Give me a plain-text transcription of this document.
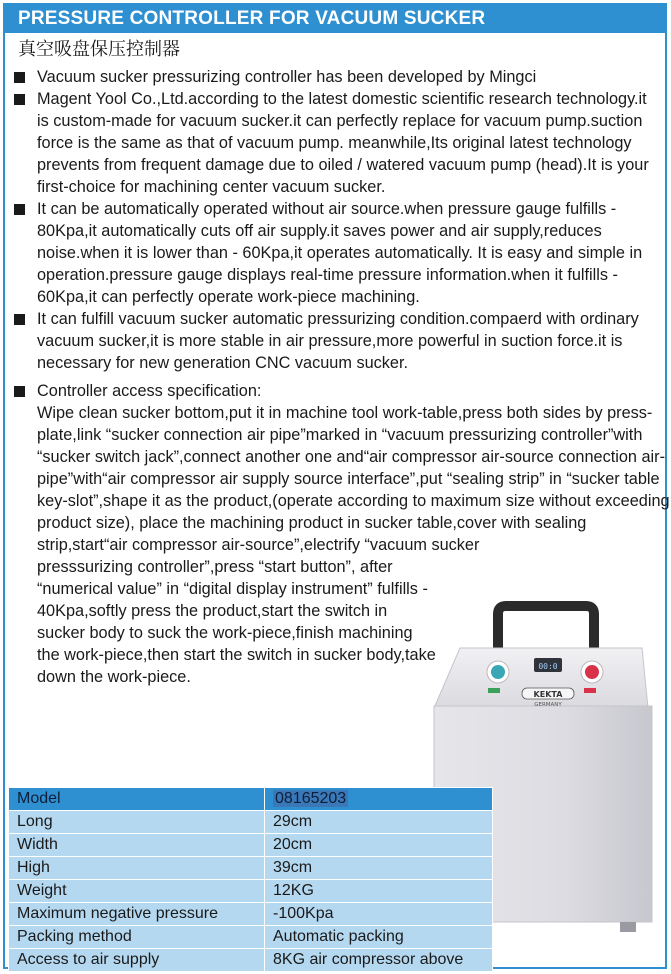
PRESSURE CONTROLLER FOR VACUUM SUCKER
真空吸盘保压控制器
Vacuum sucker pressurizing controller has been developed by Mingci
Magent Yool Co.,Ltd.according to the latest domestic scientific research technology.it is custom-made for vacuum sucker.it can perfectly replace for vacuum pump.suction force is the same as that of vacuum pump. meanwhile,Its original latest technology prevents from frequent damage due to oiled / watered vacuum pump (head).It is your first-choice for machining center vacuum sucker.
It can be automatically operated without air source.when pressure gauge fulfills - 80Kpa,it automatically cuts off air supply.it saves power and air supply,reduces noise.when it is lower than - 60Kpa,it operates automatically. It is easy and simple in operation.pressure gauge displays real-time pressure information.when it fulfills - 60Kpa,it can perfectly operate work-piece machining.
It can fulfill vacuum sucker automatic pressurizing condition.compaerd with ordinary vacuum sucker,it is more stable in air pressure,more powerful in suction force.it is necessary for new generation CNC vacuum sucker.
Controller access specification:
Wipe clean sucker bottom,put it in machine tool work-table,press both sides by press-plate,link “sucker connection air pipe”marked in “vacuum pressurizing controller”with “sucker switch jack”,connect another one and“air compressor air-source connection air-pipe”with“air compressor air supply source interface”,put “sealing strip” in “sucker table key-slot”,shape it as the product,(operate according to maximum size without exceeding product size), place the machining product in sucker table,cover with sealing strip,start“air compressor air-source”,electrify “vacuum sucker
presssurizing controller”,press “start button”, after “numerical value” in “digital display instrument” fulfills - 40Kpa,softly press the product,start the switch in sucker body to suck the work-piece,finish machining the work-piece,then start the switch in sucker body,take down the work-piece.
00:0
KEKTA
GERMANY
Model	08165203
Long	29cm
Width	20cm
High	39cm
Weight	12KG
Maximum negative pressure	-100Kpa
Packing method	Automatic packing
Access to air supply	8KG air compressor above
